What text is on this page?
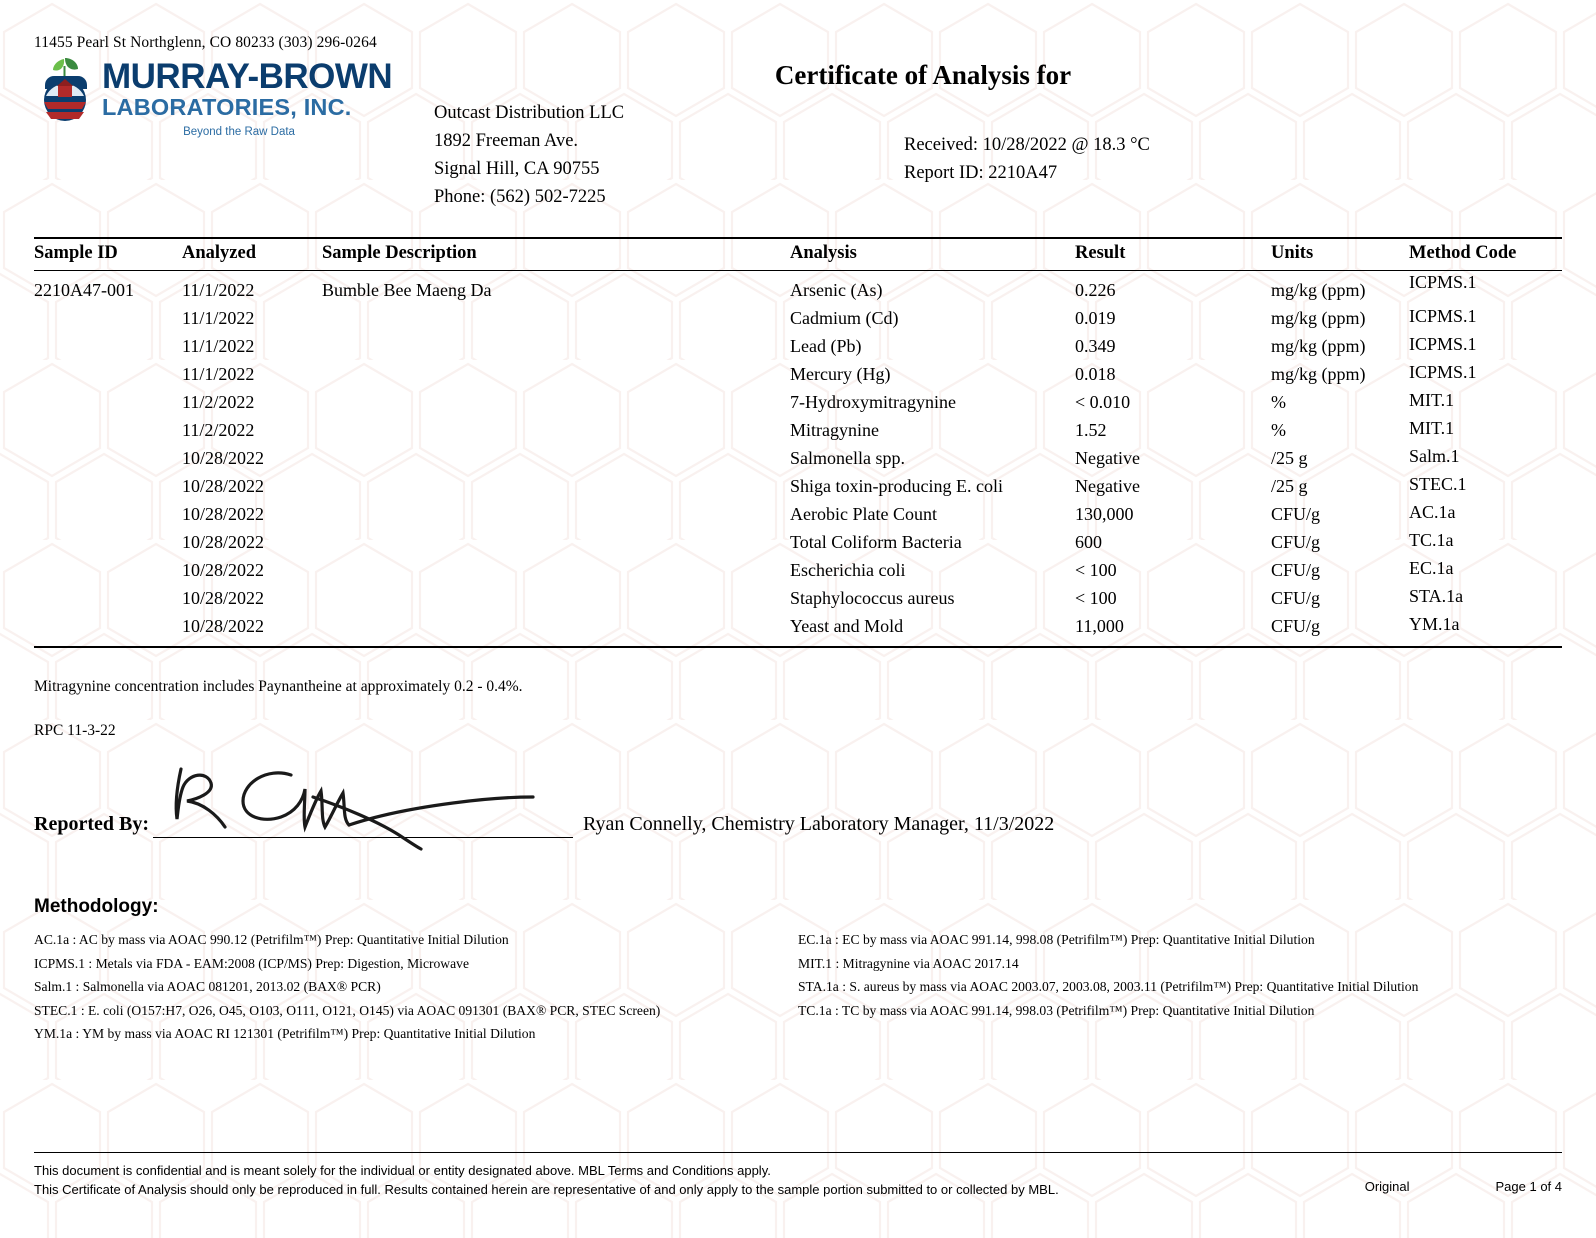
11455 Pearl St Northglenn, CO 80233 (303) 296-0264
MURRAY-BROWN
LABORATORIES, INC.
Beyond the Raw Data
Certificate of Analysis for
Outcast Distribution LLC
1892 Freeman Ave.
Signal Hill, CA 90755
Phone: (562) 502-7225
Received: 10/28/2022 @ 18.3 °C
Report ID: 2210A47
Sample ID	Analyzed	Sample Description	Analysis	Result	Units	Method Code
2210A47-001	11/1/2022	Bumble Bee Maeng Da	Arsenic (As)	0.226	mg/kg (ppm)	ICPMS.1
	11/1/2022		Cadmium (Cd)	0.019	mg/kg (ppm)	ICPMS.1
	11/1/2022		Lead (Pb)	0.349	mg/kg (ppm)	ICPMS.1
	11/1/2022		Mercury (Hg)	0.018	mg/kg (ppm)	ICPMS.1
	11/2/2022		7-Hydroxymitragynine	< 0.010	%	MIT.1
	11/2/2022		Mitragynine	1.52	%	MIT.1
	10/28/2022		Salmonella spp.	Negative	/25 g	Salm.1
	10/28/2022		Shiga toxin-producing E. coli	Negative	/25 g	STEC.1
	10/28/2022		Aerobic Plate Count	130,000	CFU/g	AC.1a
	10/28/2022		Total Coliform Bacteria	600	CFU/g	TC.1a
	10/28/2022		Escherichia coli	< 100	CFU/g	EC.1a
	10/28/2022		Staphylococcus aureus	< 100	CFU/g	STA.1a
	10/28/2022		Yeast and Mold	11,000	CFU/g	YM.1a
Mitragynine concentration includes Paynantheine at approximately 0.2 - 0.4%.
RPC 11-3-22
Reported By:	Ryan Connelly, Chemistry Laboratory Manager, 11/3/2022
Methodology:
AC.1a : AC by mass via AOAC 990.12 (Petrifilm™) Prep: Quantitative Initial Dilution
ICPMS.1 : Metals via FDA - EAM:2008 (ICP/MS) Prep: Digestion, Microwave
Salm.1 : Salmonella via AOAC 081201, 2013.02 (BAX® PCR)
STEC.1 : E. coli (O157:H7, O26, O45, O103, O111, O121, O145) via AOAC 091301 (BAX® PCR, STEC Screen)
YM.1a : YM by mass via AOAC RI 121301 (Petrifilm™) Prep: Quantitative Initial Dilution
EC.1a : EC by mass via AOAC 991.14, 998.08 (Petrifilm™) Prep: Quantitative Initial Dilution
MIT.1 : Mitragynine via AOAC 2017.14
STA.1a : S. aureus by mass via AOAC 2003.07, 2003.08, 2003.11 (Petrifilm™) Prep: Quantitative Initial Dilution
TC.1a : TC by mass via AOAC 991.14, 998.03 (Petrifilm™) Prep: Quantitative Initial Dilution
This document is confidential and is meant solely for the individual or entity designated above. MBL Terms and Conditions apply.
This Certificate of Analysis should only be reproduced in full. Results contained herein are representative of and only apply to the sample portion submitted to or collected by MBL.	Original	Page 1 of 4
